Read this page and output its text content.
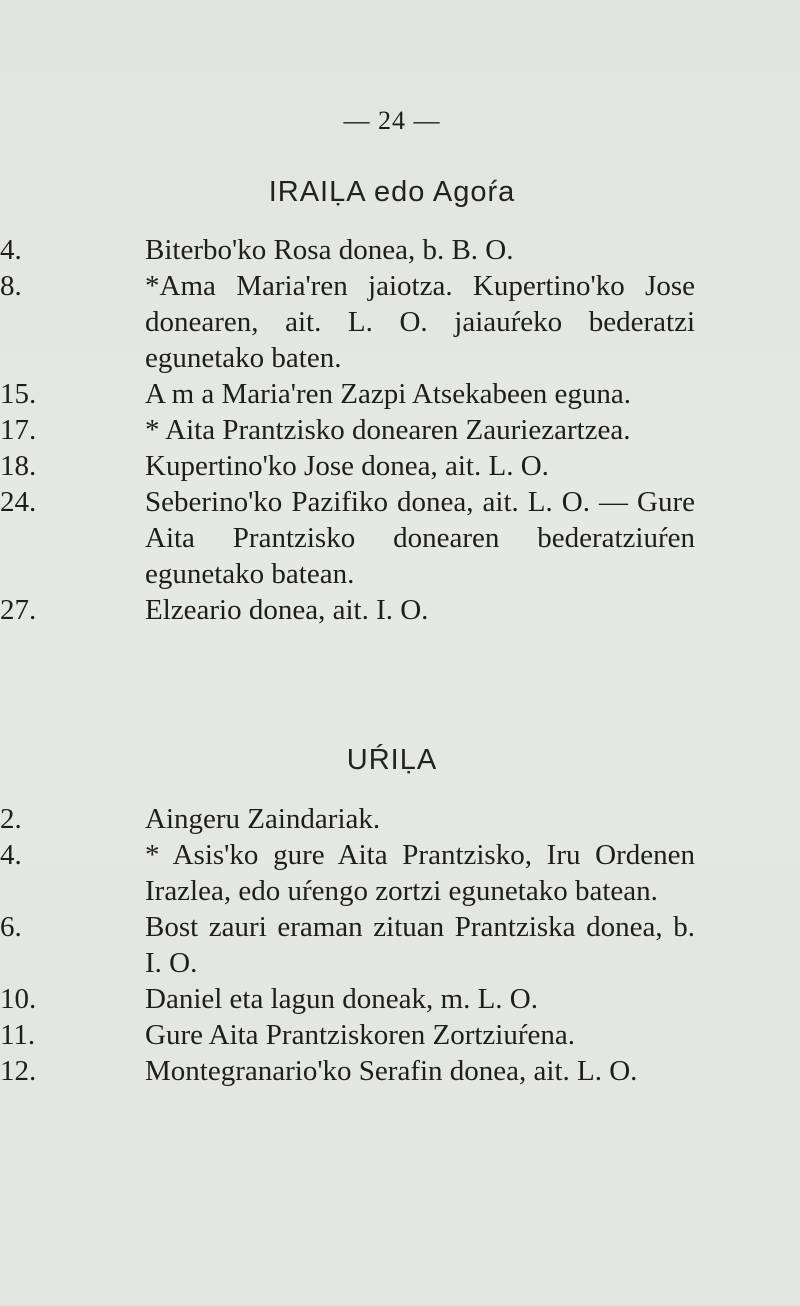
— 24 —
IRAIḶA edo Agoŕa
4.	Biterbo'ko Rosa donea, b. B. O.
8.	*Ama Maria'ren jaiotza. Kupertino'ko Jose donearen, ait. L. O. jaiauŕeko bederatzi egunetako baten.
15.	A m a Maria'ren Zazpi Atsekabeen eguna.
17.	* Aita Prantzisko donearen Zauriezartzea.
18.	Kupertino'ko Jose donea, ait. L. O.
24.	Seberino'ko Pazifiko donea, ait. L. O. — Gure Aita Prantzisko donearen bederatziuŕen egunetako batean.
27.	Elzeario donea, ait. I. O.
UŔIḶA
2.	Aingeru Zaindariak.
4.	* Asis'ko gure Aita Prantzisko, Iru Ordenen Irazlea, edo uŕengo zortzi egunetako batean.
6.	Bost zauri eraman zituan Prantziska donea, b. I. O.
10.	Daniel eta lagun doneak, m. L. O.
11.	Gure Aita Prantziskoren Zortziuŕena.
12.	Montegranario'ko Serafin donea, ait. L. O.
